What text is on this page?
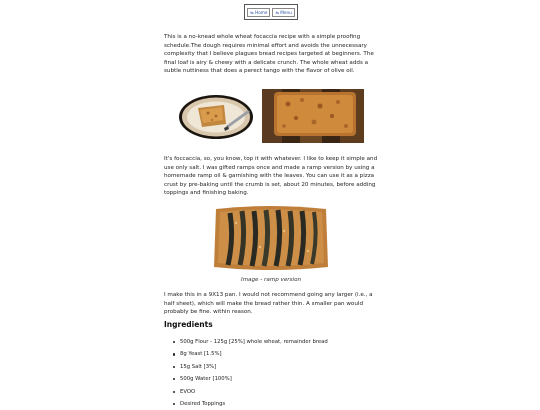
⇆ Home	⇆ Menu

This is a no-knead whole wheat focaccia recipe with a simple proofing schedule.The dough requires minimal effort and avoids the unnecessary complexity that I believe plagues bread recipes targeted at beginners. The final loaf is airy & chewy with a delicate crunch. The whole wheat adds a subtle nuttiness that does a perect tango with the flavor of olive oil.

It's foccaccia, so, you know, top it with whatever. I like to keep it simple and use only salt. I was gifted ramps once and made a ramp version by using a homemade ramp oil & garnishing with the leaves. You can use it as a pizza crust by pre-baking until the crumb is set, about 20 minutes, before adding toppings and finishing baking.

Image - ramp version

I make this in a 9X13 pan. I would not recommend going any larger (i.e., a half sheet), which will make the bread rather thin. A smaller pan would probably be fine. within reason.

Ingredients
500g Flour - 125g [25%] whole wheat, remainder bread
8g Yeast [1.5%]
15g Salt [3%]
500g Water [100%]
EVOO
Desired Toppings
